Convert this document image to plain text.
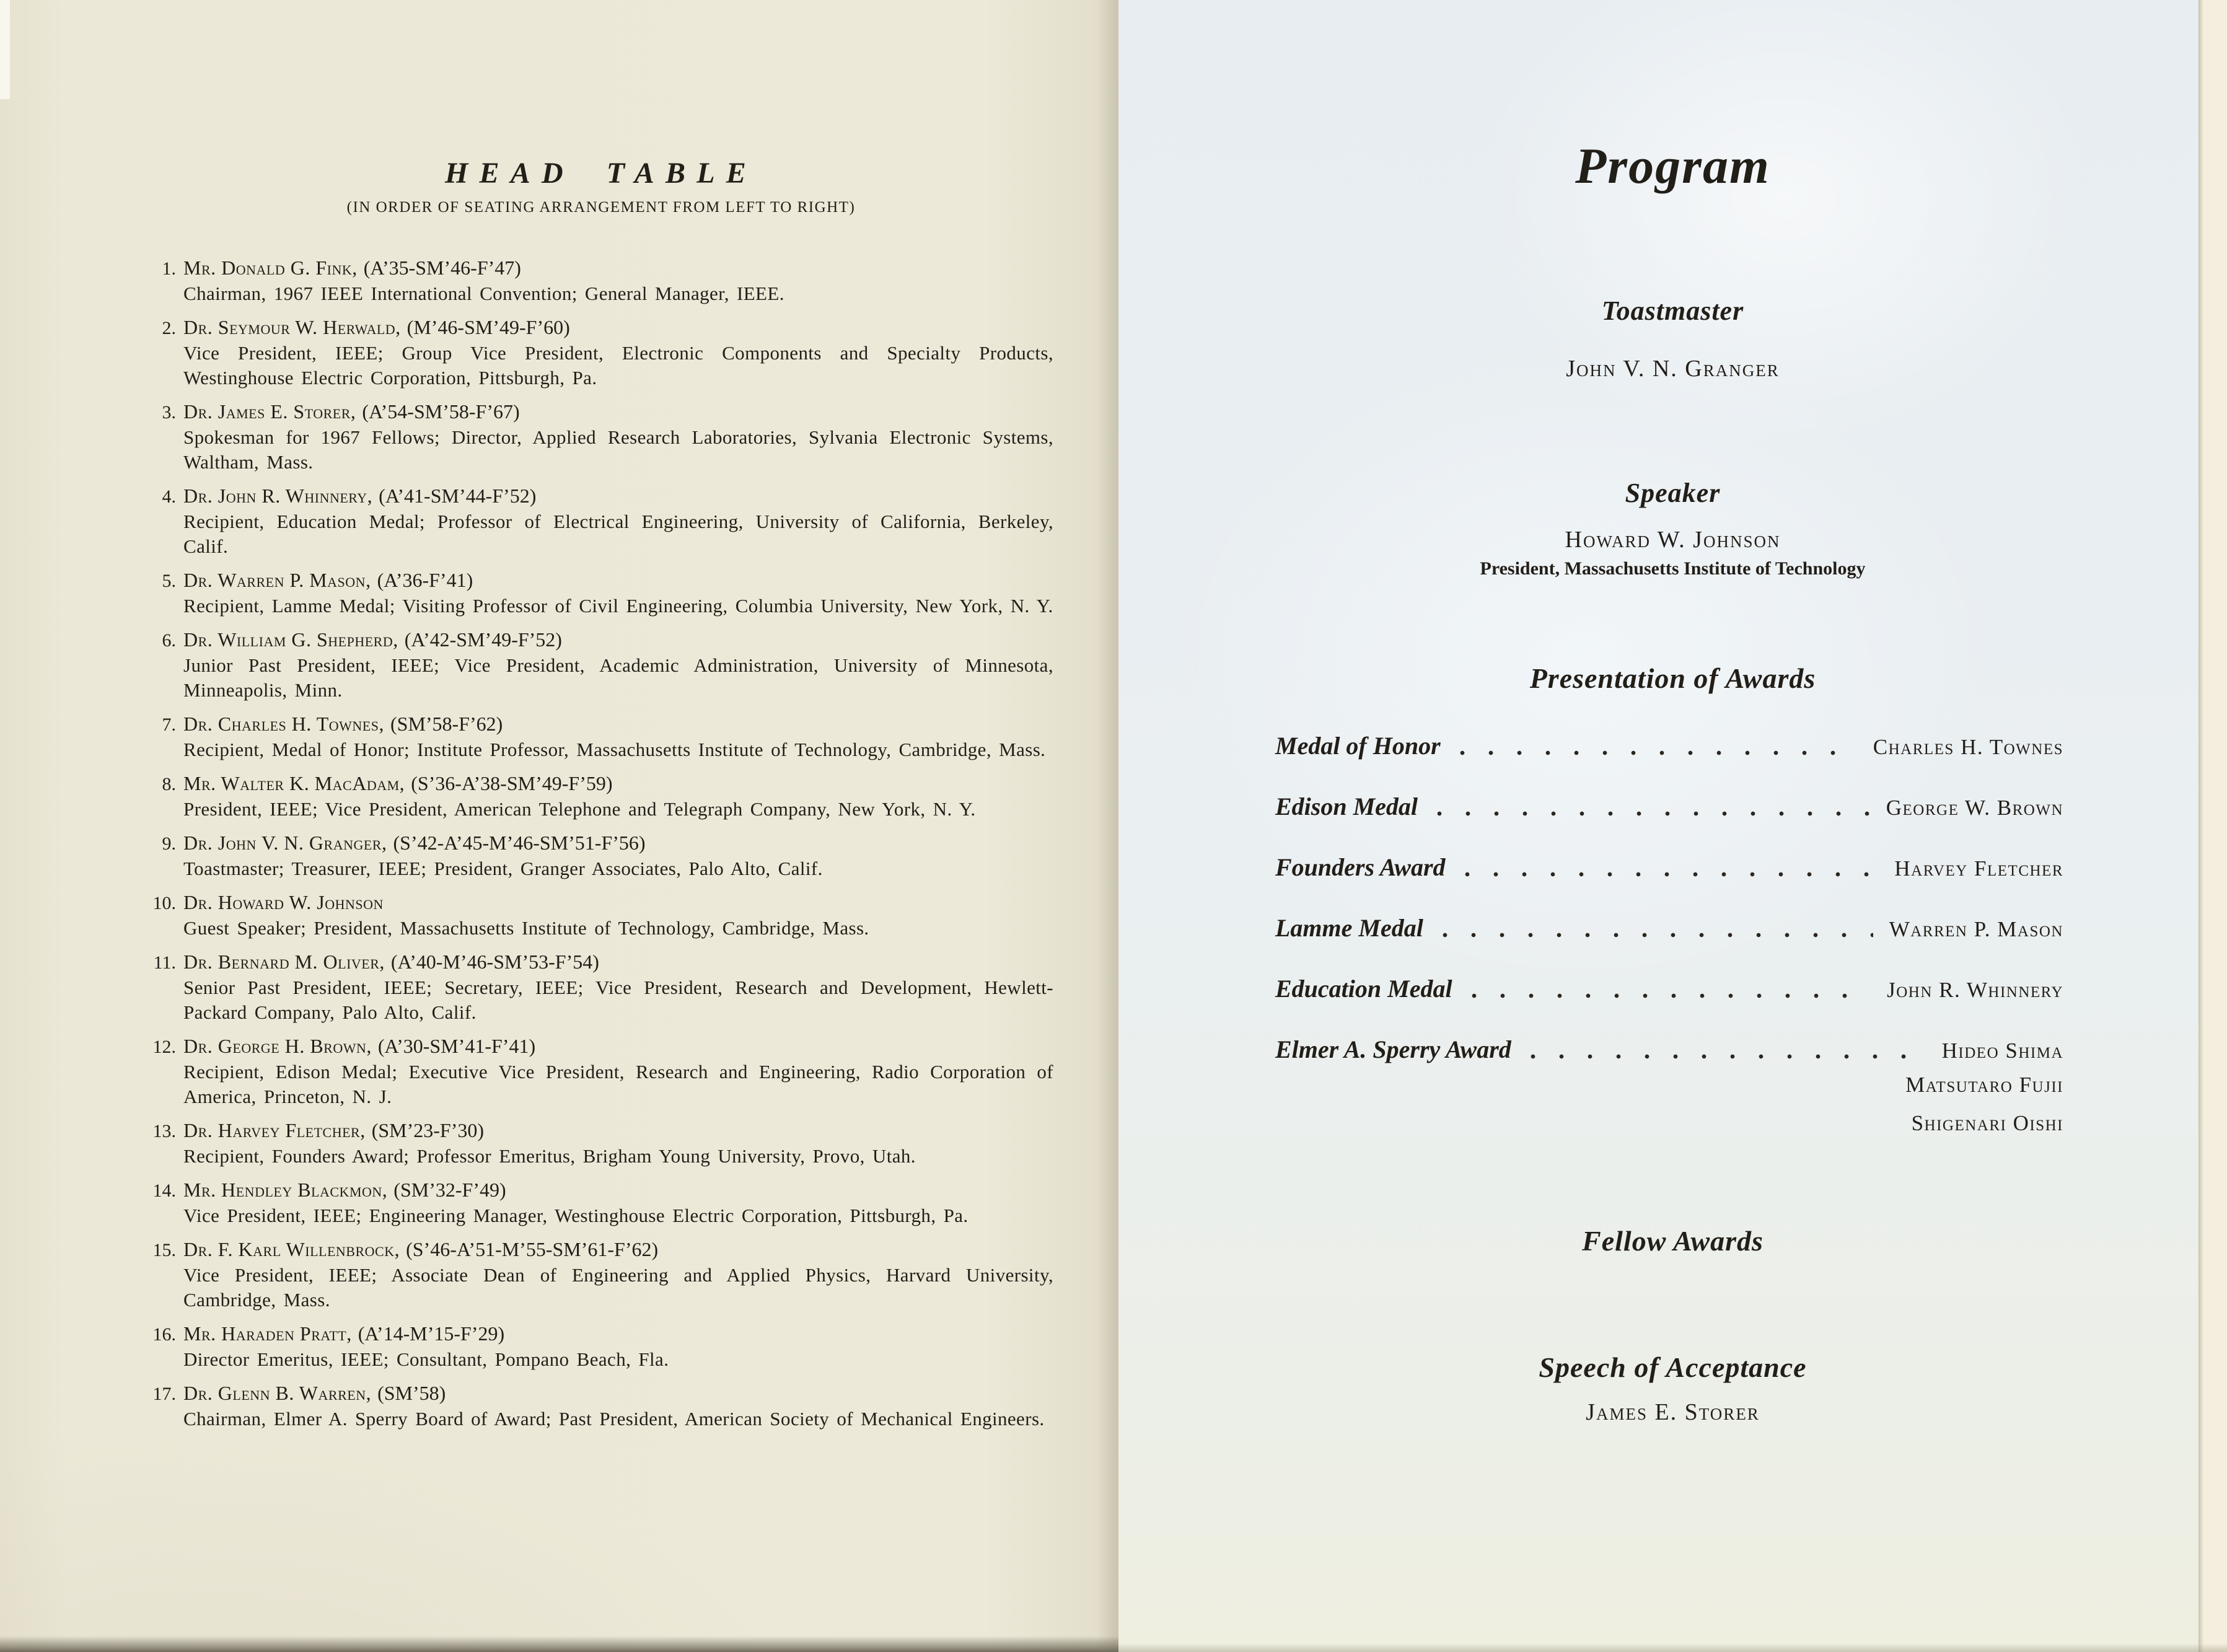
HEAD TABLE
(IN ORDER OF SEATING ARRANGEMENT FROM LEFT TO RIGHT)
1. Mr. Donald G. Fink, (A’35-SM’46-F’47)
Chairman, 1967 IEEE International Convention; General Manager, IEEE.
2. Dr. Seymour W. Herwald, (M’46-SM’49-F’60)
Vice President, IEEE; Group Vice President, Electronic Components and Specialty Products, Westinghouse Electric Corporation, Pittsburgh, Pa.
3. Dr. James E. Storer, (A’54-SM’58-F’67)
Spokesman for 1967 Fellows; Director, Applied Research Laboratories, Sylvania Electronic Systems, Waltham, Mass.
4. Dr. John R. Whinnery, (A’41-SM’44-F’52)
Recipient, Education Medal; Professor of Electrical Engineering, University of California, Berkeley, Calif.
5. Dr. Warren P. Mason, (A’36-F’41)
Recipient, Lamme Medal; Visiting Professor of Civil Engineering, Columbia University, New York, N. Y.
6. Dr. William G. Shepherd, (A’42-SM’49-F’52)
Junior Past President, IEEE; Vice President, Academic Administration, University of Minnesota, Minneapolis, Minn.
7. Dr. Charles H. Townes, (SM’58-F’62)
Recipient, Medal of Honor; Institute Professor, Massachusetts Institute of Technology, Cambridge, Mass.
8. Mr. Walter K. MacAdam, (S’36-A’38-SM’49-F’59)
President, IEEE; Vice President, American Telephone and Telegraph Company, New York, N. Y.
9. Dr. John V. N. Granger, (S’42-A’45-M’46-SM’51-F’56)
Toastmaster; Treasurer, IEEE; President, Granger Associates, Palo Alto, Calif.
10. Dr. Howard W. Johnson
Guest Speaker; President, Massachusetts Institute of Technology, Cambridge, Mass.
11. Dr. Bernard M. Oliver, (A’40-M’46-SM’53-F’54)
Senior Past President, IEEE; Secretary, IEEE; Vice President, Research and Development, Hewlett-Packard Company, Palo Alto, Calif.
12. Dr. George H. Brown, (A’30-SM’41-F’41)
Recipient, Edison Medal; Executive Vice President, Research and Engineering, Radio Corporation of America, Princeton, N. J.
13. Dr. Harvey Fletcher, (SM’23-F’30)
Recipient, Founders Award; Professor Emeritus, Brigham Young University, Provo, Utah.
14. Mr. Hendley Blackmon, (SM’32-F’49)
Vice President, IEEE; Engineering Manager, Westinghouse Electric Corporation, Pittsburgh, Pa.
15. Dr. F. Karl Willenbrock, (S’46-A’51-M’55-SM’61-F’62)
Vice President, IEEE; Associate Dean of Engineering and Applied Physics, Harvard University, Cambridge, Mass.
16. Mr. Haraden Pratt, (A’14-M’15-F’29)
Director Emeritus, IEEE; Consultant, Pompano Beach, Fla.
17. Dr. Glenn B. Warren, (SM’58)
Chairman, Elmer A. Sperry Board of Award; Past President, American Society of Mechanical Engineers.
Program
Toastmaster
John V. N. Granger
Speaker
Howard W. Johnson
President, Massachusetts Institute of Technology
Presentation of Awards
Medal of Honor	Charles H. Townes
Edison Medal	George W. Brown
Founders Award	Harvey Fletcher
Lamme Medal	Warren P. Mason
Education Medal	John R. Whinnery
Elmer A. Sperry Award	Hideo Shima
Matsutaro Fujii
Shigenari Oishi
Fellow Awards
Speech of Acceptance
James E. Storer
